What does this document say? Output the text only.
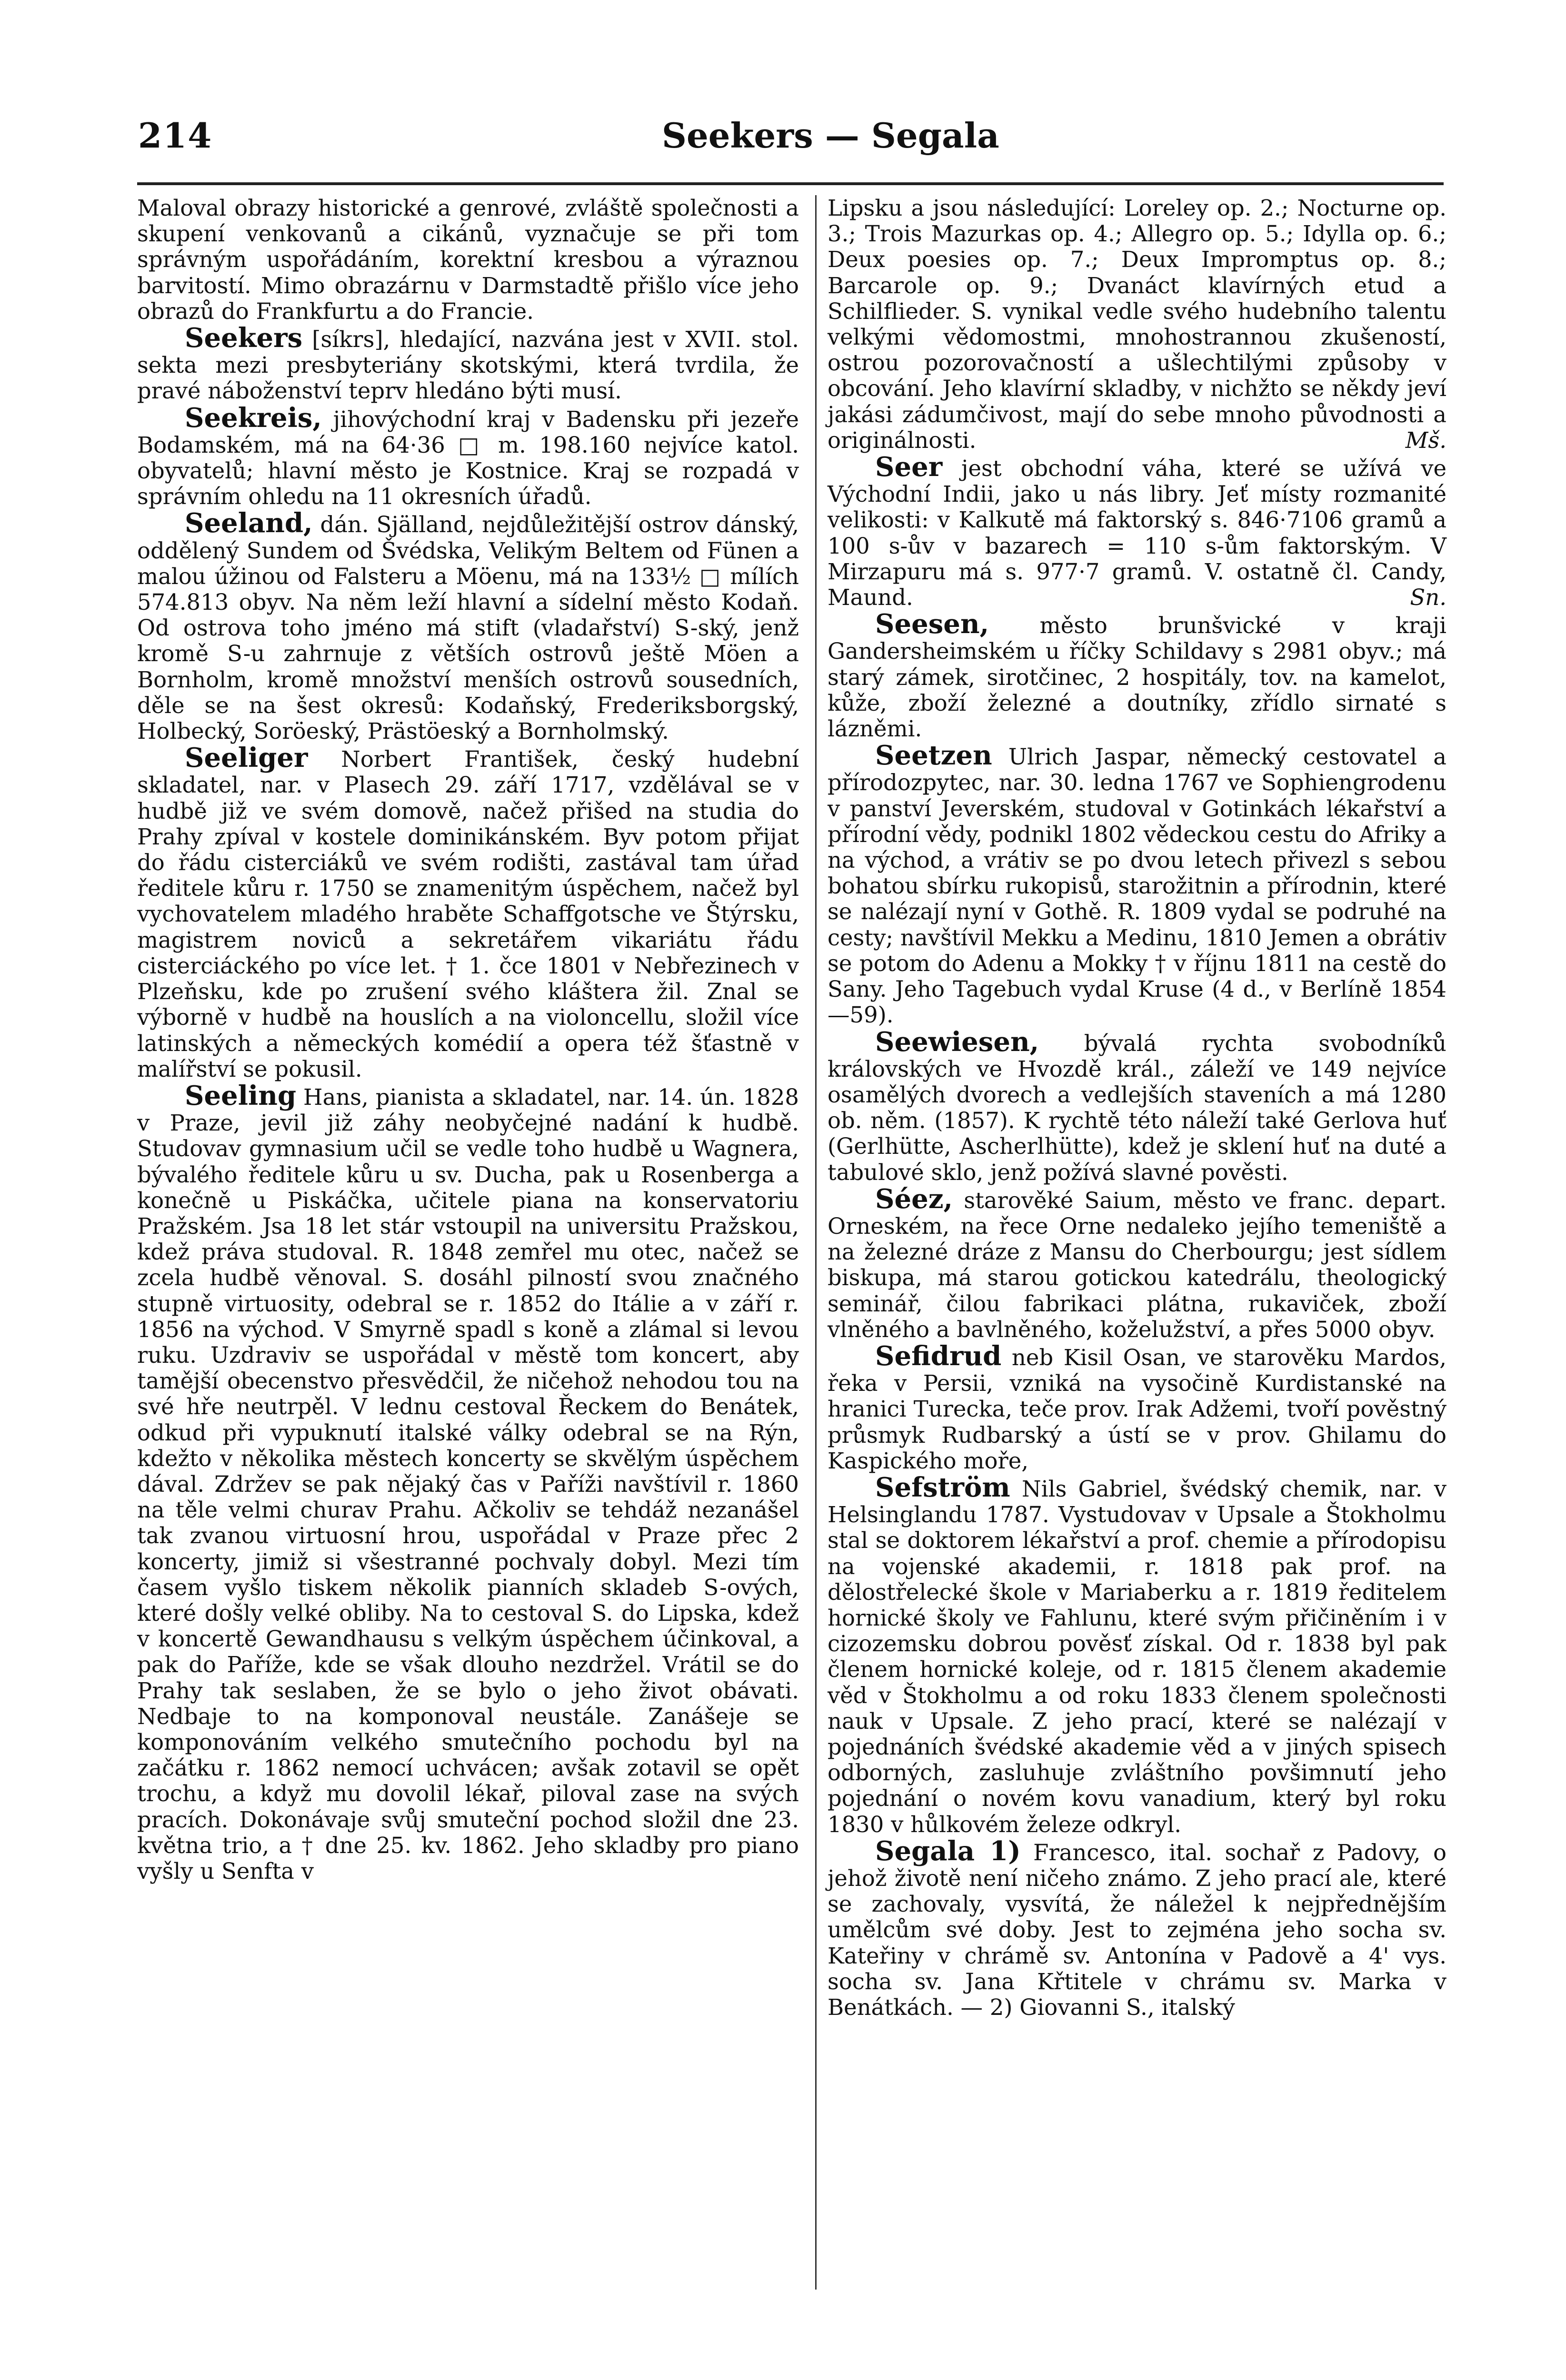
214	Seekers — Segala

Maloval obrazy historické a genrové, zvláště společnosti a skupení venkovanů a cikánů, vyznačuje se při tom správným uspořádáním, korektní kresbou a výraznou barvitostí. Mimo obrazárnu v Darmstadtě přišlo více jeho obrazů do Frankfurtu a do Francie.

Seekers [síkrs], hledající, nazvána jest v XVII. stol. sekta mezi presbyteriány skotskými, která tvrdila, že pravé náboženství teprv hledáno býti musí.

Seekreis, jihovýchodní kraj v Badensku při jezeře Bodamském, má na 64·36 □ m. 198.160 nejvíce katol. obyvatelů; hlavní město je Kostnice. Kraj se rozpadá v správním ohledu na 11 okresních úřadů.

Seeland, dán. Själland, nejdůležitější ostrov dánský, oddělený Sundem od Švédska, Velikým Beltem od Fünen a malou úžinou od Falsteru a Möenu, má na 133½ □ mílích 574.813 obyv. Na něm leží hlavní a sídelní město Kodaň. Od ostrova toho jméno má stift (vladařství) S-ský, jenž kromě S-u zahrnuje z větších ostrovů ještě Möen a Bornholm, kromě množství menších ostrovů sousedních, děle se na šest okresů: Kodaňský, Frederiksborgský, Holbecký, Soröeský, Prästöeský a Bornholmský.

Seeliger Norbert František, český hudební skladatel, nar. v Plasech 29. září 1717, vzdělával se v hudbě již ve svém domově, načež přišed na studia do Prahy zpíval v kostele dominikánském. Byv potom přijat do řádu cisterciáků ve svém rodišti, zastával tam úřad ředitele kůru r. 1750 se znamenitým úspěchem, načež byl vychovatelem mladého hraběte Schaffgotsche ve Štýrsku, magistrem noviců a sekretářem vikariátu řádu cisterciáckého po více let. † 1. čce 1801 v Nebřezinech v Plzeňsku, kde po zrušení svého kláštera žil. Znal se výborně v hudbě na houslích a na violoncellu, složil více latinských a německých komédií a opera též šťastně v malířství se pokusil.

Seeling Hans, pianista a skladatel, nar. 14. ún. 1828 v Praze, jevil již záhy neobyčejné nadání k hudbě. Studovav gymnasium učil se vedle toho hudbě u Wagnera, bývalého ředitele kůru u sv. Ducha, pak u Rosenberga a konečně u Piskáčka, učitele piana na konservatoriu Pražském. Jsa 18 let stár vstoupil na universitu Pražskou, kdež práva studoval. R. 1848 zemřel mu otec, načež se zcela hudbě věnoval. S. dosáhl pilností svou značného stupně virtuosity, odebral se r. 1852 do Itálie a v září r. 1856 na východ. V Smyrně spadl s koně a zlámal si levou ruku. Uzdraviv se uspořádal v městě tom koncert, aby tamější obecenstvo přesvědčil, že ničehož nehodou tou na své hře neutrpěl. V lednu cestoval Řeckem do Benátek, odkud při vypuknutí italské války odebral se na Rýn, kdežto v několika městech koncerty se skvělým úspěchem dával. Zdržev se pak nějaký čas v Paříži navštívil r. 1860 na těle velmi churav Prahu. Ačkoliv se tehdáž nezanášel tak zvanou virtuosní hrou, uspořádal v Praze přec 2 koncerty, jimiž si všestranné pochvaly dobyl. Mezi tím časem vyšlo tiskem několik pianních skladeb S-ových, které došly velké obliby. Na to cestoval S. do Lipska, kdež v koncertě Gewandhausu s velkým úspěchem účinkoval, a pak do Paříže, kde se však dlouho nezdržel. Vrátil se do Prahy tak seslaben, že se bylo o jeho život obávati. Nedbaje to na komponoval neustále. Zanášeje se komponováním velkého smutečního pochodu byl na začátku r. 1862 nemocí uchvácen; avšak zotavil se opět trochu, a když mu dovolil lékař, piloval zase na svých pracích. Dokonávaje svůj smuteční pochod složil dne 23. května trio, a † dne 25. kv. 1862. Jeho skladby pro piano vyšly u Senfta v

Lipsku a jsou následující: Loreley op. 2.; Nocturne op. 3.; Trois Mazurkas op. 4.; Allegro op. 5.; Idylla op. 6.; Deux poesies op. 7.; Deux Impromptus op. 8.; Barcarole op. 9.; Dvanáct klavírných etud a Schilflieder. S. vynikal vedle svého hudebního talentu velkými vědomostmi, mnohostrannou zkušeností, ostrou pozorovačností a ušlechtilými způsoby v obcování. Jeho klavírní skladby, v nichžto se někdy jeví jakási zádumčivost, mají do sebe mnoho původnosti a originálnosti.	Mš.

Seer jest obchodní váha, které se užívá ve Východní Indii, jako u nás libry. Jeť místy rozmanité velikosti: v Kalkutě má faktorský s. 846·7106 gramů a 100 s-ův v bazarech = 110 s-ům faktorským. V Mirzapuru má s. 977·7 gramů. V. ostatně čl. Candy, Maund.	Sn.

Seesen, město brunšvické v kraji Gandersheimském u říčky Schildavy s 2981 obyv.; má starý zámek, sirotčinec, 2 hospitály, tov. na kamelot, kůže, zboží železné a doutníky, zřídlo sirnaté s lázněmi.

Seetzen Ulrich Jaspar, německý cestovatel a přírodozpytec, nar. 30. ledna 1767 ve Sophiengrodenu v panství Jeverském, studoval v Gotinkách lékařství a přírodní vědy, podnikl 1802 vědeckou cestu do Afriky a na východ, a vrátiv se po dvou letech přivezl s sebou bohatou sbírku rukopisů, starožitnin a přírodnin, které se nalézají nyní v Gothě. R. 1809 vydal se podruhé na cesty; navštívil Mekku a Medinu, 1810 Jemen a obrátiv se potom do Adenu a Mokky † v říjnu 1811 na cestě do Sany. Jeho Tagebuch vydal Kruse (4 d., v Berlíně 1854—59).

Seewiesen, bývalá rychta svobodníků královských ve Hvozdě král., záleží ve 149 nejvíce osamělých dvorech a vedlejších staveních a má 1280 ob. něm. (1857). K rychtě této náleží také Gerlova huť (Gerlhütte, Ascherlhütte), kdež je sklení huť na duté a tabulové sklo, jenž požívá slavné pověsti.

Séez, starověké Saium, město ve franc. depart. Orneském, na řece Orne nedaleko jejího temeniště a na železné dráze z Mansu do Cherbourgu; jest sídlem biskupa, má starou gotickou katedrálu, theologický seminář, čilou fabrikaci plátna, rukaviček, zboží vlněného a bavlněného, koželužství, a přes 5000 obyv.

Sefidrud neb Kisil Osan, ve starověku Mardos, řeka v Persii, vzniká na vysočině Kurdistanské na hranici Turecka, teče prov. Irak Adžemi, tvoří pověstný průsmyk Rudbarský a ústí se v prov. Ghilamu do Kaspického moře,

Sefström Nils Gabriel, švédský chemik, nar. v Helsinglandu 1787. Vystudovav v Upsale a Štokholmu stal se doktorem lékařství a prof. chemie a přírodopisu na vojenské akademii, r. 1818 pak prof. na dělostřelecké škole v Mariaberku a r. 1819 ředitelem hornické školy ve Fahlunu, které svým přičiněním i v cizozemsku dobrou pověsť získal. Od r. 1838 byl pak členem hornické koleje, od r. 1815 členem akademie věd v Štokholmu a od roku 1833 členem společnosti nauk v Upsale. Z jeho prací, které se nalézají v pojednáních švédské akademie věd a v jiných spisech odborných, zasluhuje zvláštního povšimnutí jeho pojednání o novém kovu vanadium, který byl roku 1830 v hůlkovém železe odkryl.

Segala 1) Francesco, ital. sochař z Padovy, o jehož životě není ničeho známo. Z jeho prací ale, které se zachovaly, vysvítá, že náležel k nejpřednějším umělcům své doby. Jest to zejména jeho socha sv. Kateřiny v chrámě sv. Antonína v Padově a 4' vys. socha sv. Jana Křtitele v chrámu sv. Marka v Benátkách. — 2) Giovanni S., italský
